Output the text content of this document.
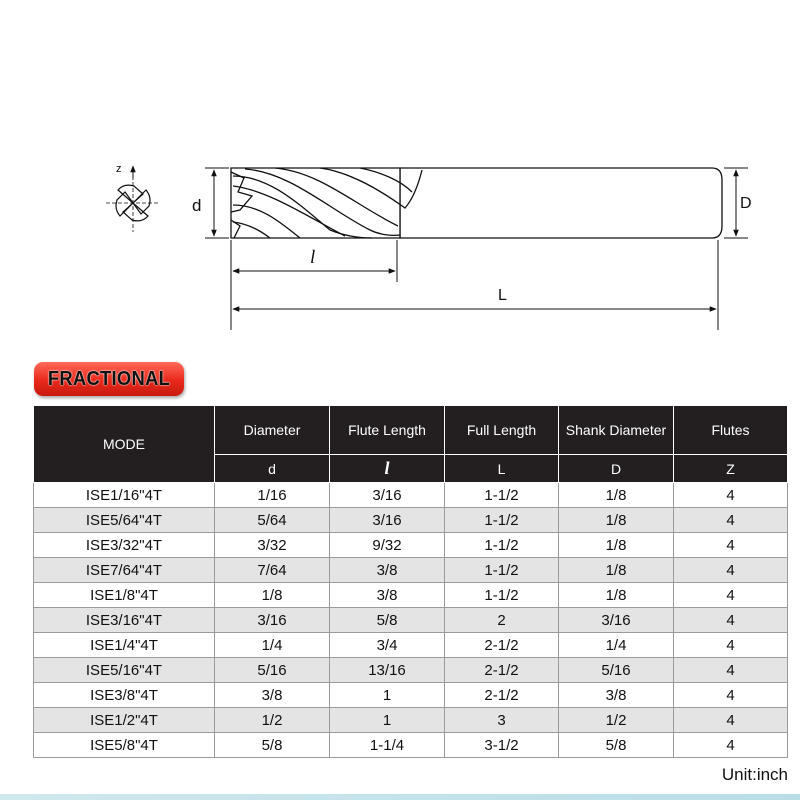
z
d	D
l
L
FRACTIONAL
MODE	Diameter	Flute Length	Full Length	Shank Diameter	Flutes
	d	l	L	D	Z
ISE1/16"4T	1/16	3/16	1-1/2	1/8	4
ISE5/64"4T	5/64	3/16	1-1/2	1/8	4
ISE3/32"4T	3/32	9/32	1-1/2	1/8	4
ISE7/64"4T	7/64	3/8	1-1/2	1/8	4
ISE1/8"4T	1/8	3/8	1-1/2	1/8	4
ISE3/16"4T	3/16	5/8	2	3/16	4
ISE1/4"4T	1/4	3/4	2-1/2	1/4	4
ISE5/16"4T	5/16	13/16	2-1/2	5/16	4
ISE3/8"4T	3/8	1	2-1/2	3/8	4
ISE1/2"4T	1/2	1	3	1/2	4
ISE5/8"4T	5/8	1-1/4	3-1/2	5/8	4
Unit:inch
